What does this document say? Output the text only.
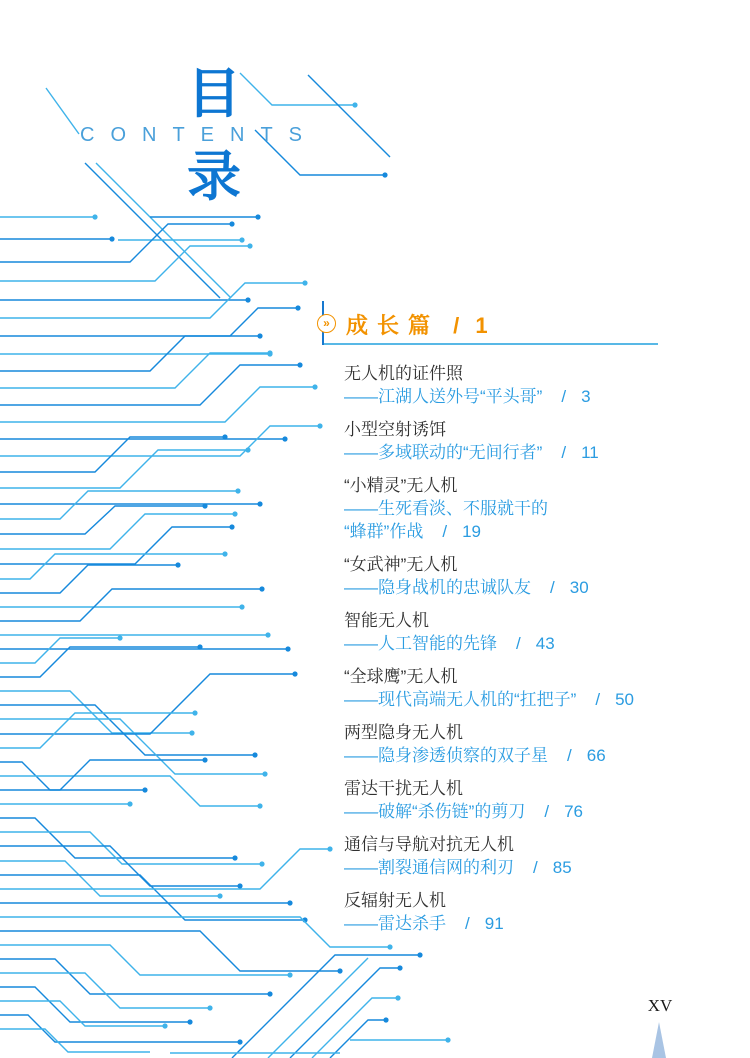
目
CONTENTS
录
» 成长篇 / 1
无人机的证件照
——江湖人送外号“平头哥” / 3
小型空射诱饵
——多域联动的“无间行者” / 11
“小精灵”无人机
——生死看淡、不服就干的
“蜂群”作战 / 19
“女武神”无人机
——隐身战机的忠诚队友 / 30
智能无人机
——人工智能的先锋 / 43
“全球鹰”无人机
——现代高端无人机的“扛把子” / 50
两型隐身无人机
——隐身渗透侦察的双子星 / 66
雷达干扰无人机
——破解“杀伤链”的剪刀 / 76
通信与导航对抗无人机
——割裂通信网的利刃 / 85
反辐射无人机
——雷达杀手 / 91
XV
